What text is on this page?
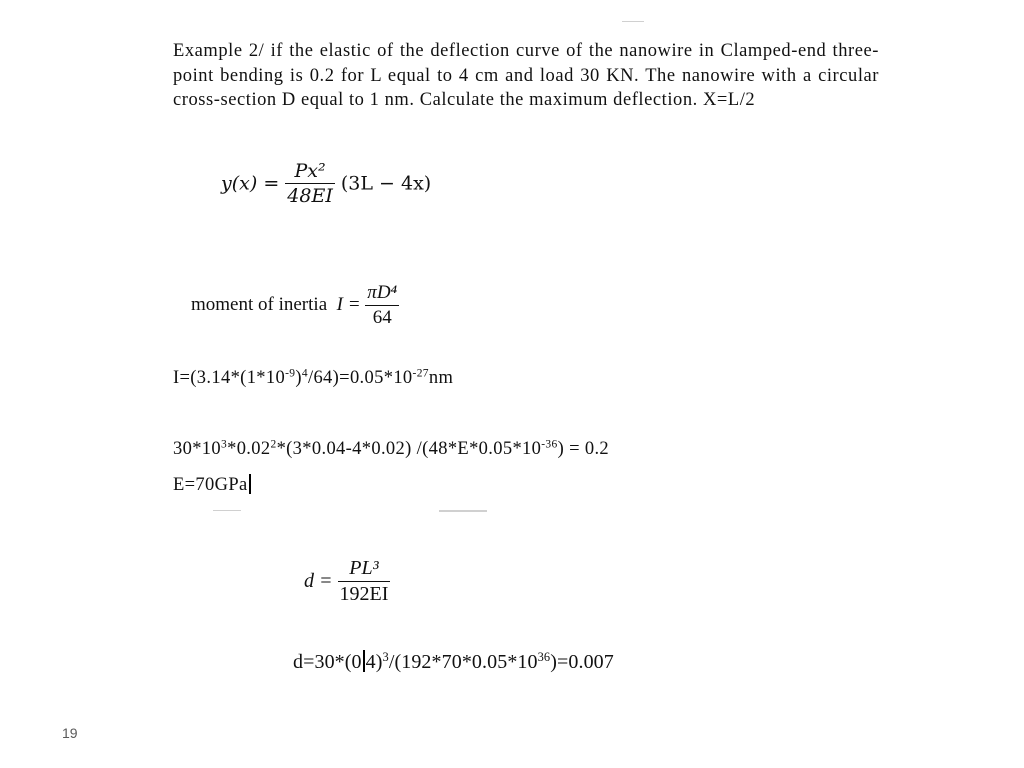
Example 2/ if the elastic of the deflection curve of the nanowire in Clamped-end three-point bending is 0.2 for L equal to 4 cm and load 30 KN. The nanowire with a circular cross-section D equal to 1 nm. Calculate the maximum deflection. X=L/2
$y(x) = \frac{\text{Px²}}{48EI} (3L - 4x)$
moment of inertia $I = \frac{\text{πD⁴}}{64}$
$I=(3.14*(1*10^{-9})^4/64)=0.05*10^{-27}nm$
$30*10^3*0.02^2*(3*0.04-4*0.02) /(48*E*0.05*10^{-36}) = 0.2$
E=70GPa
$d = \frac{\text{PL³}}{192EI}$
d=30*(0 $4)^3/(192*70*0.05*10^{36})=0.007$
19
